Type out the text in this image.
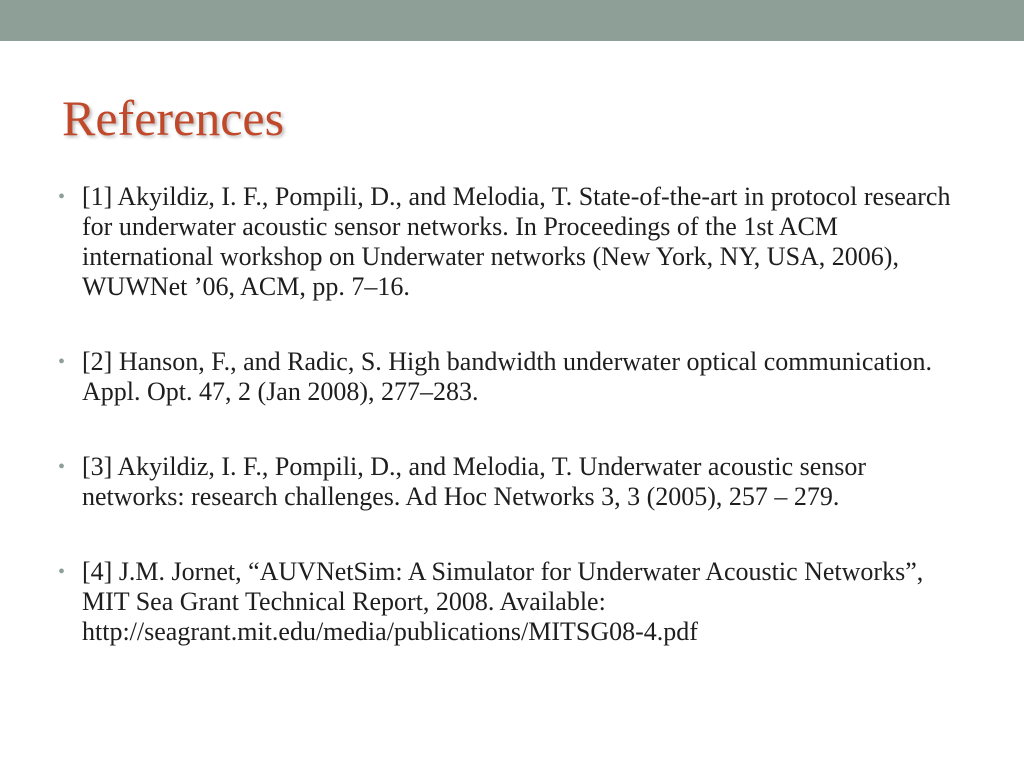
References
• [1] Akyildiz, I. F., Pompili, D., and Melodia, T. State-of-the-art in protocol research for underwater acoustic sensor networks. In Proceedings of the 1st ACM international workshop on Underwater networks (New York, NY, USA, 2006), WUWNet ’06, ACM, pp. 7–16.
• [2] Hanson, F., and Radic, S. High bandwidth underwater optical communication. Appl. Opt. 47, 2 (Jan 2008), 277–283.
• [3] Akyildiz, I. F., Pompili, D., and Melodia, T. Underwater acoustic sensor networks: research challenges. Ad Hoc Networks 3, 3 (2005), 257 – 279.
• [4] J.M. Jornet, “AUVNetSim: A Simulator for Underwater Acoustic Networks”, MIT Sea Grant Technical Report, 2008. Available: http://seagrant.mit.edu/media/publications/MITSG08-4.pdf
